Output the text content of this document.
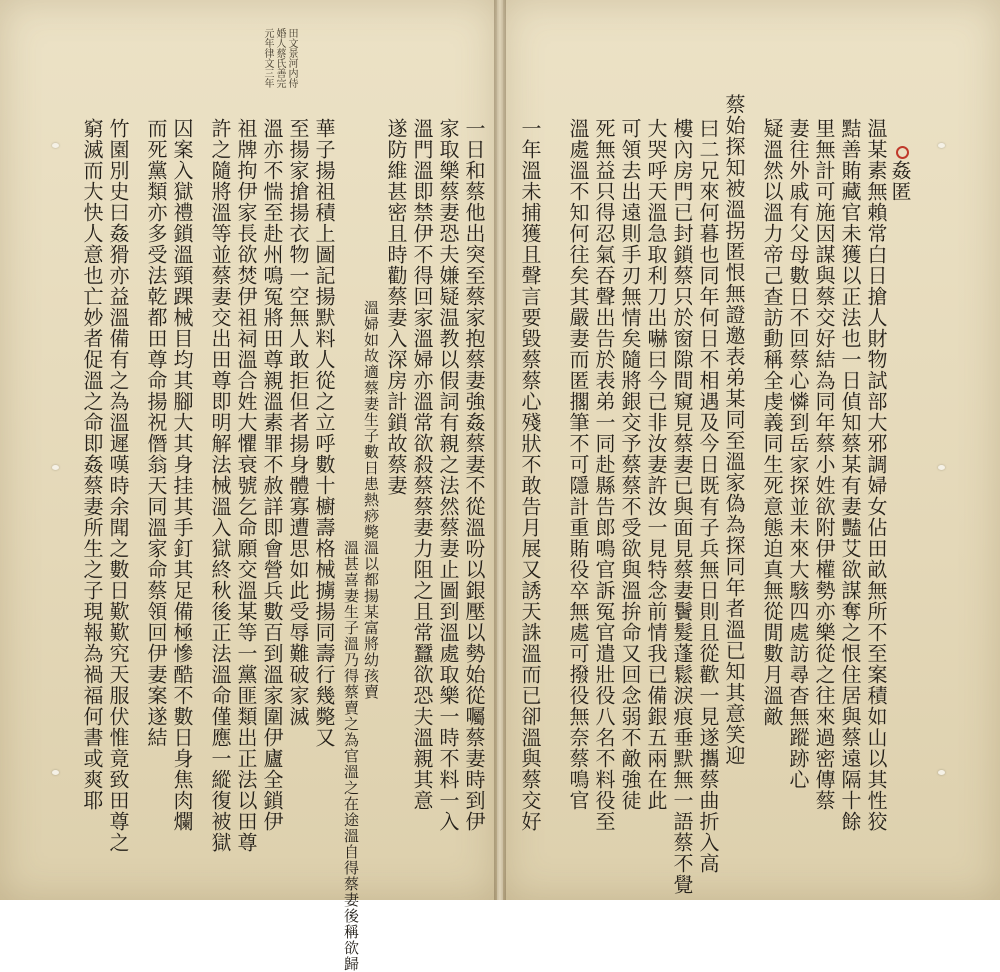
田文景河内侍
婚人蔡氏善完
元年律文三年
姦匿
温某素無賴常白日搶人財物試部大邪調婦女佔田畝無所不至案積如山以其性狡
黠善賄藏官未獲以正法也一日偵知蔡某有妻豔艾欲謀奪之恨住居與蔡遠隔十餘
里無計可施因謀與蔡交好結為同年蔡小姓欲附伊權勢亦樂從之往來過密傳蔡
妻往外戚有父母數日不回蔡心憐到岳家探並未來大駭四處訪尋杳無蹤跡心
疑溫然以溫力帝己查訪動稱全虔義同生死意態迫真無從閒數月溫敵
蔡始探知被溫拐匿恨無證邀表弟某同至溫家偽為探同年者溫已知其意笑迎
曰二兄來何暮也同年何日不相遇及今日既有子兵無日則且從歡一見遂攜蔡曲折入高
樓內房門已封鎖蔡只於窗隙間窺見蔡妻已與面見蔡妻鬢髮蓬鬆淚痕垂默無一語蔡不覺
大哭呼天溫急取利刀出嚇曰今已非汝妻許汝一見特念前情我已備銀五兩在此
可領去出遠則手刃無情矣隨將銀交予蔡蔡不受欲與溫拚命又回念弱不敵強徒
死無益只得忍氣吞聲出告於表弟一同赴縣告郎鳴官訴冤官遣壯役八名不料役至
溫處溫不知何往矣其嚴妻而匿擱筆不可隱計重賄役卒無處可撥役無奈蔡鳴官
一年溫未捕獲且聲言要毀蔡蔡心殘狀不敢告月展又誘天誅溫而已卻溫與蔡交好
一日和蔡他出突至蔡家抱蔡妻強姦蔡妻不從溫吩以銀壓以勢始從囑蔡妻時到伊
家取樂蔡妻恐夫嫌疑温教以假詞有親之法然蔡妻止圖到溫處取樂一時不料一入
溫門溫即禁伊不得回家溫婦亦溫常欲殺蔡蔡妻力阻之且常蠶欲恐夫溫親其意
遂防維甚密且時勸蔡妻入深房計鎖故蔡妻
溫婦如故適蔡妻生子數日患熱痧斃溫以都揚某富將幼孩賣
溫甚喜妻生子溫乃得蔡賣之為官溫之在途溫自得蔡妻後稱欲歸
華子揚祖積上圖記揚默料人從之立呼數十櫥壽格械擄揚同壽行幾斃又
至揚家搶揚衣物一空無人敢拒但者揚身體寡遭思如此受辱難破家滅
溫亦不惴至赴州鳴冤將田尊親溫素罪不赦詳即會營兵數百到溫家圍伊廬全鎖伊
祖牌拘伊家長欲焚伊祖祠溫合姓大懼衰號乞命願交溫某等一黨匪類出正法以田尊
許之隨將溫等並蔡妻交出田尊即明解法械溫入獄終秋後正法溫命僅應一縱復被獄
囚案入獄禮鎖溫頸踝械目均其腳大其身挂其手釘其足備極慘酷不數日身焦肉爛
而死黨類亦多受法乾都田尊命揚祝僭翁天同溫家命蔡領回伊妻案遂結
竹園別史曰姦猾亦益溫備有之為溫遲嘆時余聞之數日歎歎究天服伏惟竟致田尊之
窮滅而大快人意也亡妙者促溫之命即姦蔡妻所生之子現報為禍福何書或爽耶
